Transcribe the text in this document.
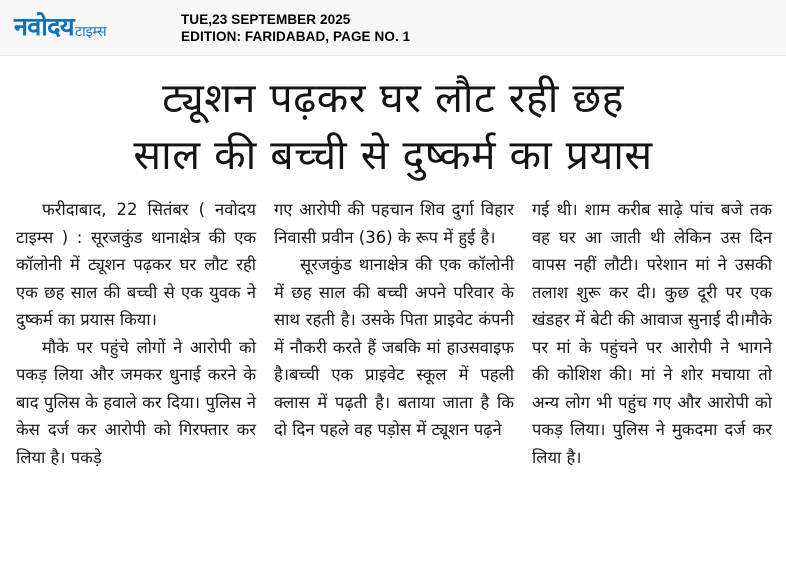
नवोदय टाइम्स
TUE,23 SEPTEMBER 2025
EDITION: FARIDABAD, PAGE NO. 1
ट्यूशन पढ़कर घर लौट रही छह
साल की बच्ची से दुष्कर्म का प्रयास

फरीदाबाद, 22 सितंबर ( नवोदय टाइम्स ) : सूरजकुंड थानाक्षेत्र की एक कॉलोनी में ट्यूशन पढ़कर घर लौट रही एक छह साल की बच्ची से एक युवक ने दुष्कर्म का प्रयास किया।

मौके पर पहुंचे लोगों ने आरोपी को पकड़ लिया और जमकर धुनाई करने के बाद पुलिस के हवाले कर दिया। पुलिस ने केस दर्ज कर आरोपी को गिरफ्तार कर लिया है। पकड़े

गए आरोपी की पहचान शिव दुर्गा विहार निवासी प्रवीन (36) के रूप में हुई है।

सूरजकुंड थानाक्षेत्र की एक कॉलोनी में छह साल की बच्ची अपने परिवार के साथ रहती है। उसके पिता प्राइवेट कंपनी में नौकरी करते हैं जबकि मां हाउसवाइफ है।बच्ची एक प्राइवेट स्कूल में पहली क्लास में पढ़ती है। बताया जाता है कि दो दिन पहले वह पड़ोस में ट्यूशन पढ़ने

गई थी। शाम करीब साढ़े पांच बजे तक वह घर आ जाती थी लेकिन उस दिन वापस नहीं लौटी। परेशान मां ने उसकी तलाश शुरू कर दी। कुछ दूरी पर एक खंडहर में बेटी की आवाज सुनाई दी।मौके पर मां के पहुंचने पर आरोपी ने भागने की कोशिश की। मां ने शोर मचाया तो अन्य लोग भी पहुंच गए और आरोपी को पकड़ लिया। पुलिस ने मुकदमा दर्ज कर लिया है।
